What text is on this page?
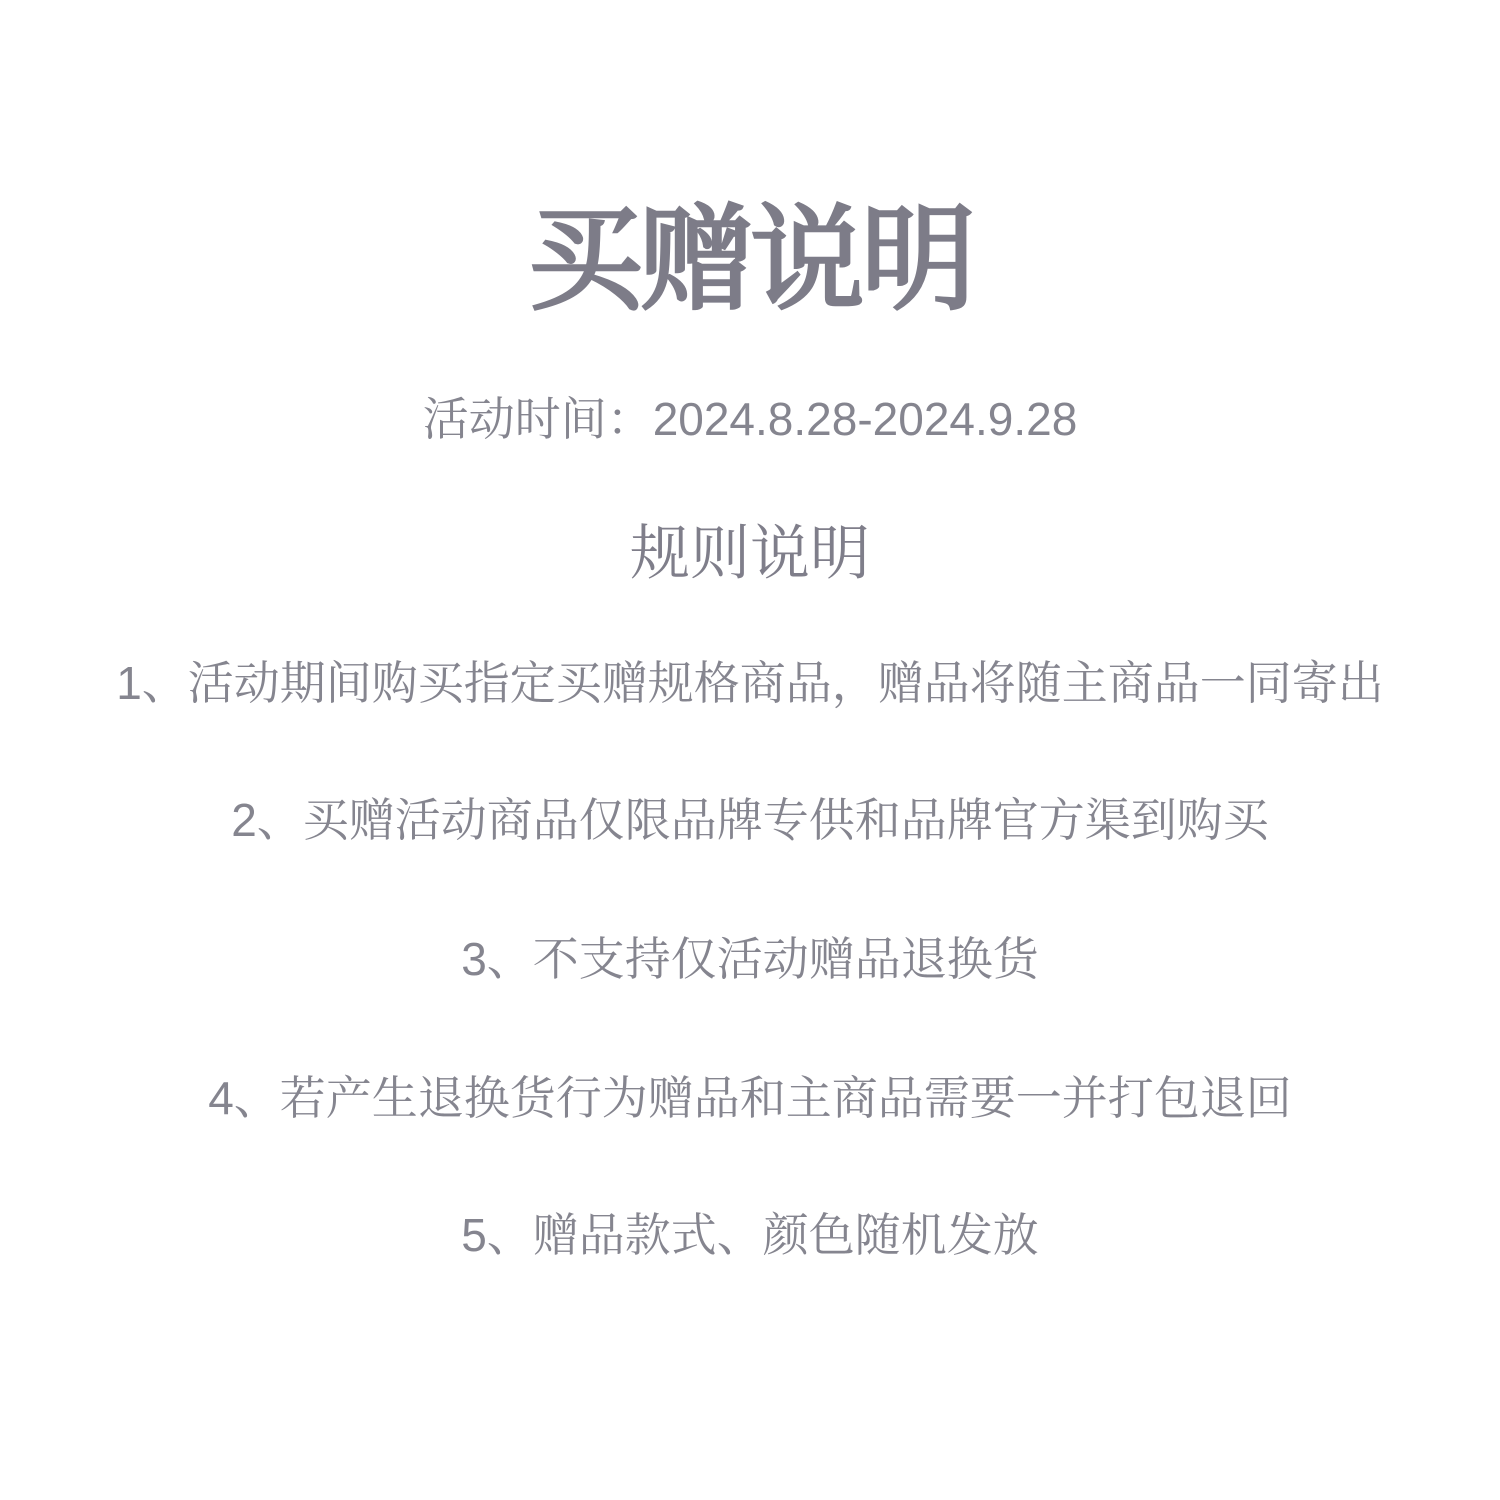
买赠说明

活动时间：2024.8.28-2024.9.28

规则说明

1、活动期间购买指定买赠规格商品，赠品将随主商品一同寄出

2、买赠活动商品仅限品牌专供和品牌官方渠到购买

3、不支持仅活动赠品退换货

4、若产生退换货行为赠品和主商品需要一并打包退回

5、赠品款式、颜色随机发放
